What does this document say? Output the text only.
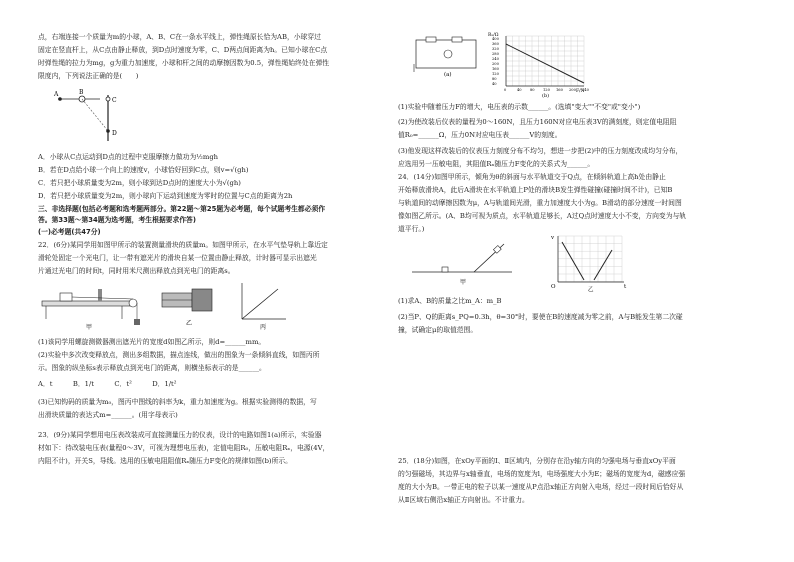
点，右端连接一个质量为m的小球，A、B、C在一条水平线上，弹性绳原长恰为AB，小球穿过
固定在竖直杆上，从C点由静止释放，到D点时速度为零，C、D两点间距离为h。已知小球在C点
时弹性绳的拉力为mg，g为重力加速度，小球和杆之间的动摩擦因数为0.5，弹性绳始终处在弹性
限度内，下列说法正确的是(　　)
A	B
C
D
A．小球从C点运动到D点的过程中克服摩擦力做功为½mgh
B．若在D点给小球一个向上的速度v，小球恰好回到C点，则v=√(gh)
C．若只把小球质量变为2m，则小球到达D点时的速度大小为√(gh)
D．若只把小球质量变为2m，则小球向下运动到速度为零时的位置与C点的距离为2h
三、非选择题(包括必考题和选考题两部分。第22题～第25题为必考题，每个试题考生都必须作
答。第33题～第34题为选考题，考生根据要求作答)
(一)必考题(共47分)
22．(6分)某同学用如图甲所示的装置测量滑块的质量m。如图甲所示，在水平气垫导轨上靠近定
滑轮处固定一个光电门，让一带有遮光片的滑块自某一位置由静止释放，计时器可显示出遮光
片通过光电门的时间t，同时用米尺测出释放点到光电门的距离s。
甲
乙
丙
(1)该同学用螺旋测微器测出遮光片的宽度d如图乙所示，则d=______mm。
(2)实验中多次改变释放点，测出多组数据，描点连线，做出的图象为一条倾斜直线，如图丙所
示。图象的纵坐标s表示释放点到光电门的距离，则横坐标表示的是______。
A．t　　　B．1/t　　　C．t²　　　D．1/t²
(3)已知钩码的质量为m₀，图丙中图线的斜率为k，重力加速度为g。根据实验测得的数据，写
出滑块质量的表达式m=______。(用字母表示)
23．(9分)某同学想用电压表改装成可直接测量压力的仪表，设计的电路如图1(a)所示，实验器
材如下：待改装电压表(量程0～3V，可视为理想电压表)，定值电阻R₀，压敏电阻Rₓ，电源(4V，
内阻不计)，开关S，导线。选用的压敏电阻阻值Rₓ随压力F变化的规律如图(b)所示。
(a)
Rₓ/Ω
F/N
(b)
400
360
320
280
240
200
160
120
80
40
0	40 80 120 160 200 240
(1)实验中随着压力F的增大，电压表的示数______。(选填"变大""不变"或"变小")
(2)为使改装后仪表的量程为0～160N，且压力160N对应电压表3V的满刻度，则定值电阻阻
值R₀=______Ω，压力0N对应电压表______V的刻度。
(3)他发现这样改装后的仪表压力刻度分布不均匀，想进一步把(2)中的压力刻度改成均匀分布，
应选用另一压敏电阻，其阻值Rₓ随压力F变化的关系式为______。
24．(14分)如图甲所示，倾角为θ的斜面与水平轨道交于Q点，在倾斜轨道上高h处由静止
开始释放滑块A，此后A滑块在水平轨道上P处的滑块B发生弹性碰撞(碰撞时间不计)，已知B
与轨道间的动摩擦因数为μ，A与轨道间光滑，重力加速度大小为g。B滑动的部分速度一时间图
像如图乙所示。(A、B均可视为质点，水平轨道足够长，A过Q点时速度大小不变，方向变为与轨
道平行。)
甲
v
t
O	乙
(1)求A、B的质量之比m_A：m_B
(2)当P、Q的距离s_PQ=0.3h，θ=30°时，要使在B的速度减为零之前，A与B能发生第二次碰
撞，试确定μ的取值范围。
25．(18分)如图，在xOy平面的Ⅰ、Ⅱ区域内，分别存在沿y轴方向的匀强电场与垂直xOy平面
的匀强磁场，其边界与x轴垂直，电场的宽度为l，电场强度大小为E；磁场的宽度为d，磁感应强
度的大小为B。一带正电的粒子以某一速度从P点沿x轴正方向射入电场，经过一段时间后恰好从
从Ⅱ区域右侧沿x轴正方向射出。不计重力。
